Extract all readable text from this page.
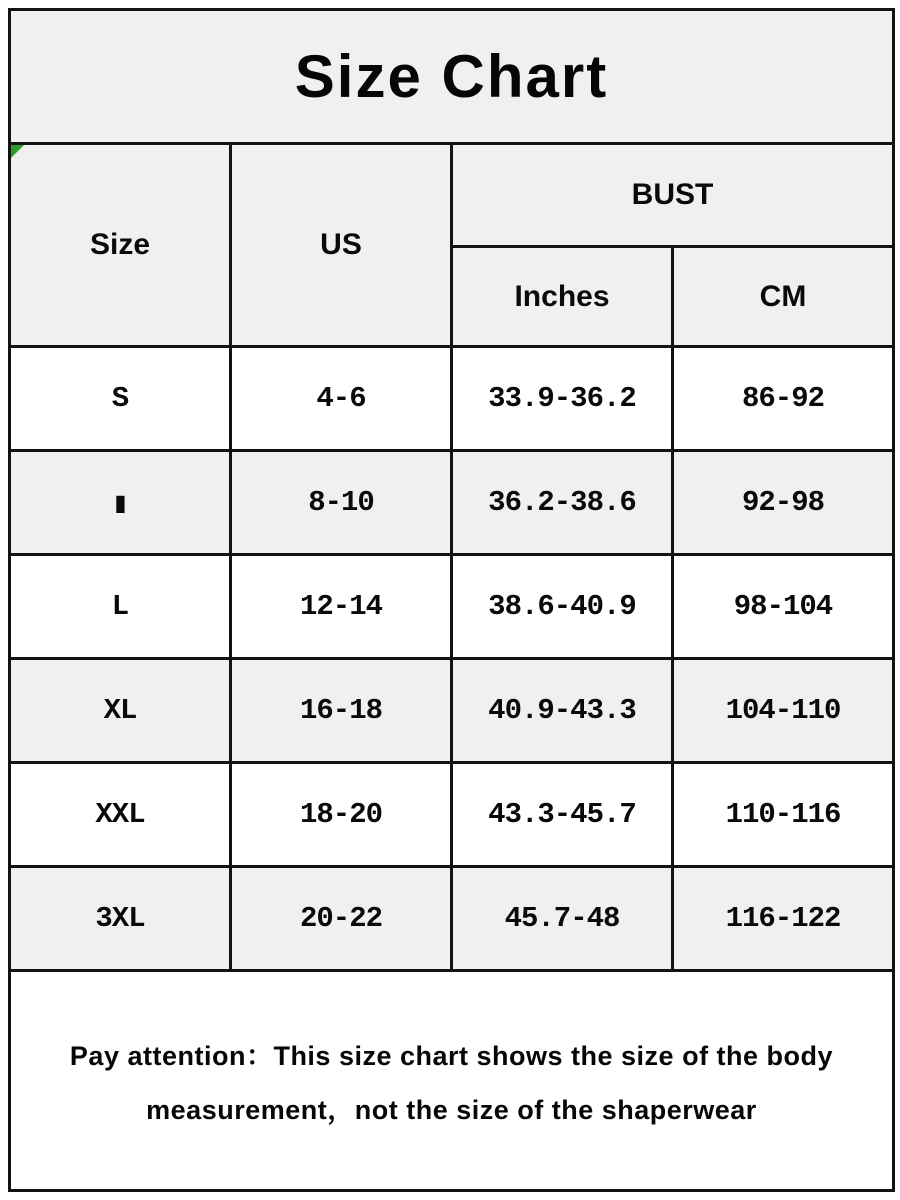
Size Chart
Size	US
BUST
Inches	CM
S	4-6	33.9-36.2	86-92
▮	8-10	36.2-38.6	92-98
L	12-14	38.6-40.9	98-104
XL	16-18	40.9-43.3	104-110
XXL	18-20	43.3-45.7	110-116
3XL	20-22	45.7-48	116-122
Pay attention：This size chart shows the size of the body
measurement，not the size of the shaperwear
